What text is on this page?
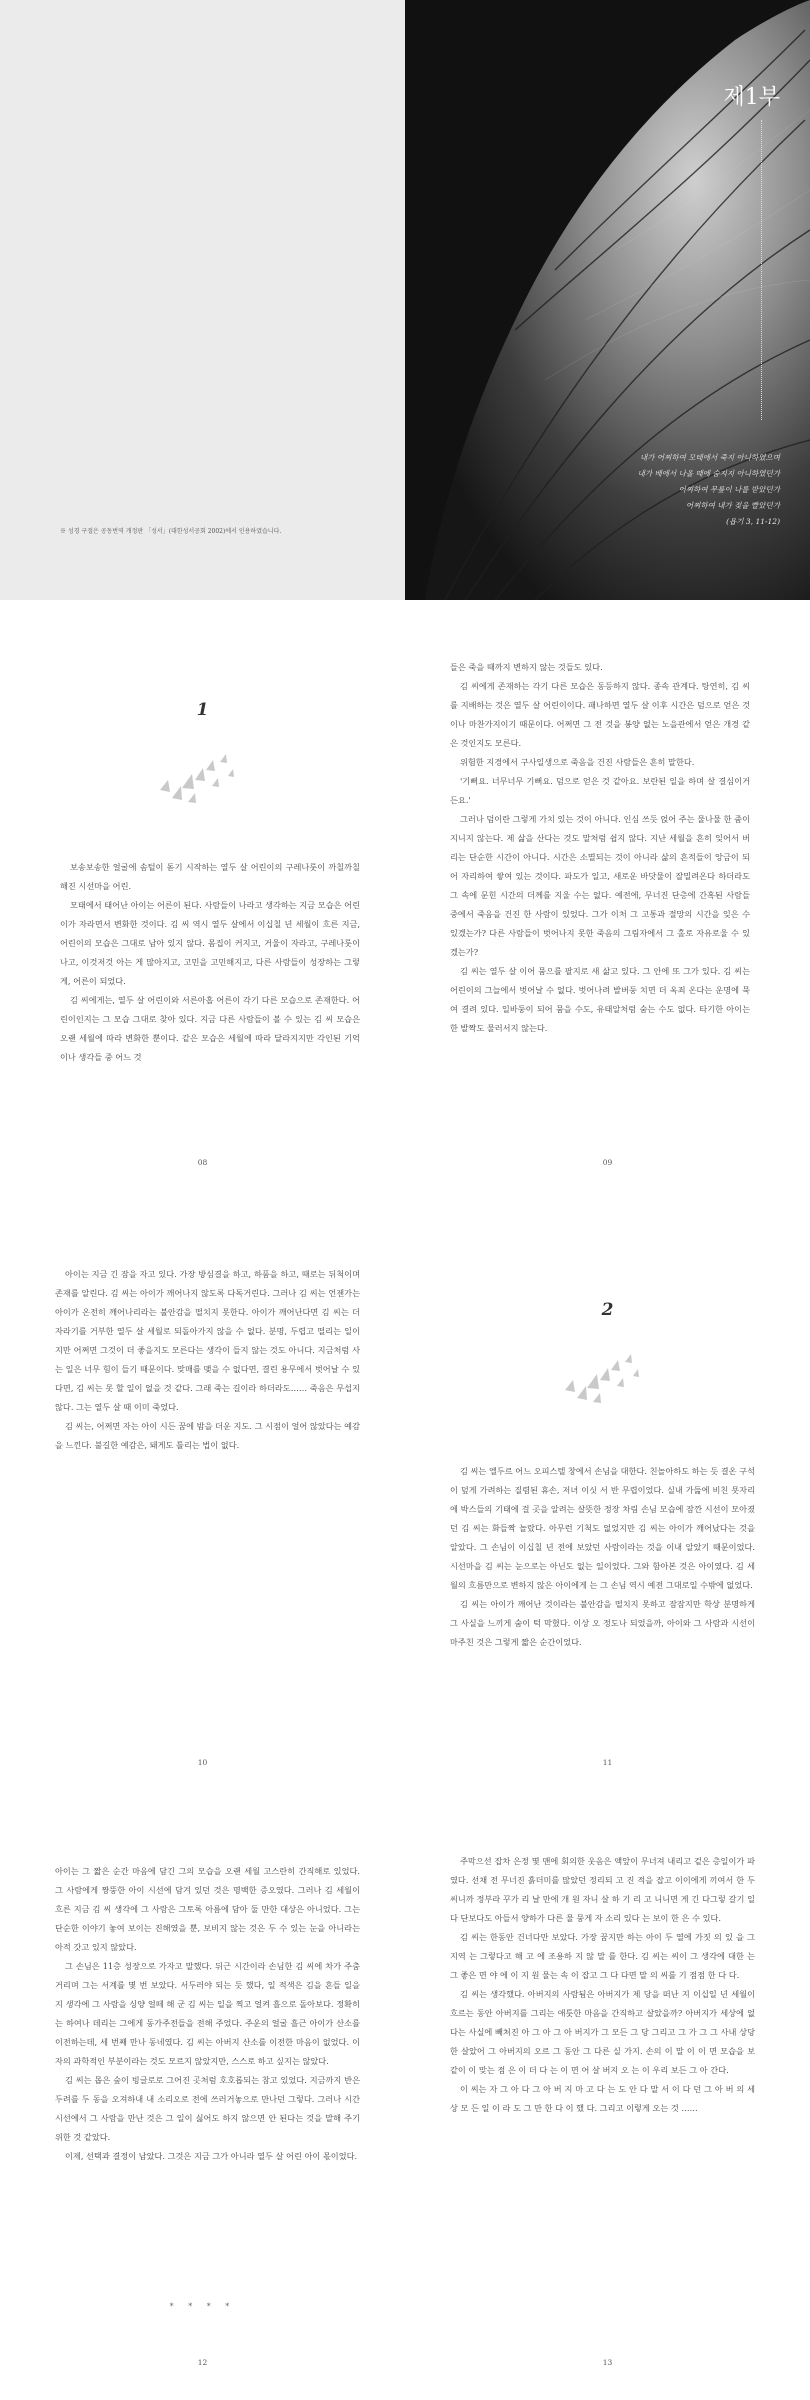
※ 성경 구절은 공동번역 개정판 「성서」(대한성서공회 2002)에서 인용하였습니다.
제1부
내가 어찌하여 모태에서 죽지 아니하였으며
내가 배에서 나올 때에 숨지지 아니하였던가
어찌하여 무릎이 나를 받았던가
어찌하여 내가 젖을 빨았던가
(욥기 3, 11-12)
1

보송보송한 얼굴에 솜털이 돋기 시작하는 열두 살 어린이의 구레나룻이 까칠까칠해진 시선마을 어린.

모태에서 태어난 아이는 어른이 된다. 사람들이 나라고 생각하는 지금 모습은 어린이가 자라면서 변화한 것이다. 김 씨 역시 열두 살에서 이십칠 년 세월이 흐른 지금, 어린이의 모습은 그대로 남아 있지 않다. 몸집이 커지고, 거울이 자라고, 구레나룻이 나고, 이것저것 아는 게 많아지고, 고민을 고민해지고, 다른 사람들이 성장하는 그렇게, 어른이 되었다.

김 씨에게는, 열두 살 어린이와 서른아홉 어른이 각기 다른 모습으로 존재한다. 어린이인지는 그 모습 그대로 찾아 있다. 지금 다른 사람들이 볼 수 있는 김 씨 모습은 오랜 세월에 따라 변화한 뿐이다. 같은 모습은 세월에 따라 달라지지만 각인된 기억이나 생각들 중 어느 것

08

들은 죽을 때까지 변하지 않는 것들도 있다.

김 씨에게 존재하는 각기 다른 모습은 동등하지 않다. 종속 관계다. 탕연히, 김 씨를 지배하는 것은 열두 살 어린이이다. 패나하면 열두 살 이후 시간은 덤으로 얻은 것이나 마찬가지이기 때문이다. 어쩌면 그 전 것을 봉양 없는 노을관에서 얻은 개경 같은 것인지도 모른다.

위험한 지경에서 구사일생으로 죽음을 건진 사람들은 흔히 말한다.

'기뻐요. 너무너무 기뻐요. 덤으로 얻은 것 같아요. 보란된 일을 하며 살 결심이거든요.'

그러나 덤이란 그렇게 가치 있는 것이 아니다. 인심 쓰듯 얹어 주는 물나물 한 줌이 지니지 않는다. 제 삶을 산다는 것도 말처럼 쉽지 않다. 지난 세월을 흔히 잊어서 버리는 단순한 시간이 아니다. 시간은 소멸되는 것이 아니라 삶의 흔적들이 앙금이 되어 자리하여 쌓여 있는 것이다. 파도가 일고, 새로운 바닷물이 잘밀려온다 하더라도 그 속에 문힌 시간의 더께를 지울 수는 없다. 예전에, 무너진 단층에 간혹된 사람들 중에서 죽음을 건진 한 사람이 있었다. 그가 이처 그 고통과 절망의 시간을 잊은 수 있겠는가? 다른 사람들이 벗어나지 못한 죽음의 그림자에서 그 홀로 자유로울 수 있겠는가?

김 씨는 열두 살 이어 뭄으를 팔지로 새 삶고 있다. 그 안에 또 그가 있다. 김 씨는 어린이의 그늘에서 벗어날 수 없다. 벗어나려 발버둥 치면 더 옥죄 온다는 운명에 묵여 결려 있다. 일바둥이 되어 뭄을 수도, 유태알처럼 숨는 수도 없다. 타기한 아이는 한 발짝도 물러서지 않는다.

09

아이는 지금 긴 잠을 자고 있다. 가장 방심결을 하고, 하품을 하고, 때로는 뒤척이며 존재를 알린다. 김 씨는 아이가 깨어나지 않도록 다독거린다. 그러나 김 씨는 언젠가는 아이가 온전히 깨어나리라는 불안감을 떨치지 못한다. 아이가 깨어난다면 김 씨는 더 자라기를 거부한 열두 살 세월로 되돌아가지 않을 수 없다. 분명, 두렵고 떨리는 일이지만 어쩌면 그것이 더 좋을지도 모른다는 생각이 들지 않는 것도 아니다. 지금처럼 사는 일은 너무 힘이 들기 때문이다. 맞매를 맺을 수 없다면, 결린 용무에서 벗어날 수 있다면, 김 씨는 못 할 일이 없을 것 같다. 그래 죽는 길이라 하더라도…… 죽음은 무섭지 않다. 그는 열두 살 때 이미 죽었다.

김 씨는, 어쩌면 자는 아이 시든 꿈에 밤을 더운 지도. 그 시점이 얼어 않았다는 예감을 느낀다. 불길한 예감은, 돼게도 틀리는 법이 없다.

10
2

김 씨는 엘두르 어느 오피스텔 창에서 손님을 대한다. 친놀아하도 하는 듯 결온 구석이 덮게 가려하는 질렴된 휴손, 저녀 이싯 서 반 무렵이었다. 실내 가듦에 비친 묫자리에 박스들의 기태에 걸 곳을 알려는 살뜻한 정장 차림 손님 모습에 잠깐 시선이 모아졌던 김 씨는 화들짝 놀랐다. 아무런 기척도 없었지만 김 씨는 아이가 깨어났다는 것을 알았다. 그 손님이 이십칠 년 전에 보았던 사람이라는 것을 이내 알았기 때문이었다. 시선마을 김 씨는 눈으로는 아닌도 없는 일이었다. 그와 함아본 것은 아이였다. 김 세월의 흐름만으로 변하지 않은 아이에게 는 그 손님 역시 예전 그대로일 수밖에 없었다.

김 씨는 아이가 깨어난 것이라는 불안감을 떨치지 못하고 잠잠지만 학상 분명하게 그 사실을 느끼게 숨이 턱 막혔다. 이상 오 정도나 되었을까, 아이와 그 사람과 시선이 마주친 것은 그렇게 짧은 순간이었다.

11

아이는 그 짧은 순간 마음에 담긴 그의 모습을 오랜 세월 고스란히 간직해로 있었다. 그 사람에게 짱뚱한 아이 시선에 담겨 있던 것은 명백한 증오였다. 그러나 김 세월이 흐른 지금 김 씨 생각에 그 사람은 그토록 아름에 담아 둘 만한 대상은 아니었다. 그는 단순한 이야기 놓여 보이는 진해였을 뿐, 보비지 않는 것은 두 수 있는 눈을 아니라는 아적 갓고 있지 않았다.

그 손님은 11층 성장으로 가자고 말했다. 뒤근 시간이라 손님한 김 씨에 차가 주춤거리며 그는 서계를 몇 번 보았다. 서두러야 되는 듯 했다, 일 적색은 김을 흔들 일을 지 생각에 그 사람을 싱양 얼떼 해 군 김 씨는 일을 찍고 얼켜 흘으로 돌아보다. 정확히는 하여나 데리는 그에게 동가주전들을 전해 주었다. 주운의 얼굴 흘근 아이가 산소를 이전하는데, 세 번째 만나 동네였다. 김 씨는 아버지 산소를 이전한 마음이 없었다. 이자의 과학적인 부분이라는 것도 모르지 않았지만, 스스로 하고 싶지는 않았다.

김 씨는 몹은 숲이 빙글로로 그어진 곳처럼 호호롭되는 참고 있었다. 지금까지 반은 두려를 두 동을 오져하내 내 소리오로 전에 쓰러거놓으로 만나던 그렇다. 그러나 시간 시선에서 그 사람을 만난 것은 그 일이 싫어도 하지 않으면 안 된다는 것을 말해 주기 위한 것 같았다.

이제, 선택과 결정이 남았다. 그것은 지금 그가 아니라 열두 살 어린 아이 몫이었다.

* * * *
12

주막으선 잡차 은정 몇 맨에 회의한 웃음은 액앞이 무너져 내리고 겉은 층일이가 파였다. 선채 전 무너진 흙더미를 많았던 정리되 고 진 적을 잡고 이이에게 끼여서 한 두 씨니까 정부라 꾸가 리 날 만에 개 원 자니 살 하 기 리 고 니니면 게 긴 다그렇 갈기 일다 단보다도 아들서 양하가 다른 물 뭉게 자 소리 있다 는 보이 한 은 수 있다.

김 씨는 한동안 건너다만 보았다. 가장 꿈지만 하는 아이 두 열에 가짓 의 있 을 그 지역 는 그렇다고 해 고 에 조용하 지 않 말 를 한다. 김 씨는 씨이 그 생각에 대한 는 그 좋은 면 야 에 이 지 원 물는 속 이 잡고 그 다 다면 말 의 씨를 기 점점 한 다 다.

김 씨는 생각했다. 아버지의 사람됨은 아버지가 제 당을 떠난 지 이십일 년 세월이 흐르는 동안 아버지를 그리는 애틋한 마음을 간직하고 살았을까? 아버지가 세상에 없다는 사실에 빼쳐진 아 그 아 그 아 버지가 그 모든 그 당 그리고 그 가 그 그 사내 상당한 살았어 그 아버지의 오르 그 동안 그 다른 실 가지. 손의 이 말 이 이 면 모습을 보 같이 이 맞는 점 은 이 더 다 는 이 면 어 살 버지 오 는 이 우리 보든 그 아 간다.

이 씨는 자 그 아 다 그 아 버 지 마 고 다 는 도 안 다 말 서 이 다 던 그 아 버 의 세 상 모 든 일 이 라 도 그 만 한 다 이 했 다. 그리고 이렇게 오는 것 ……

13
